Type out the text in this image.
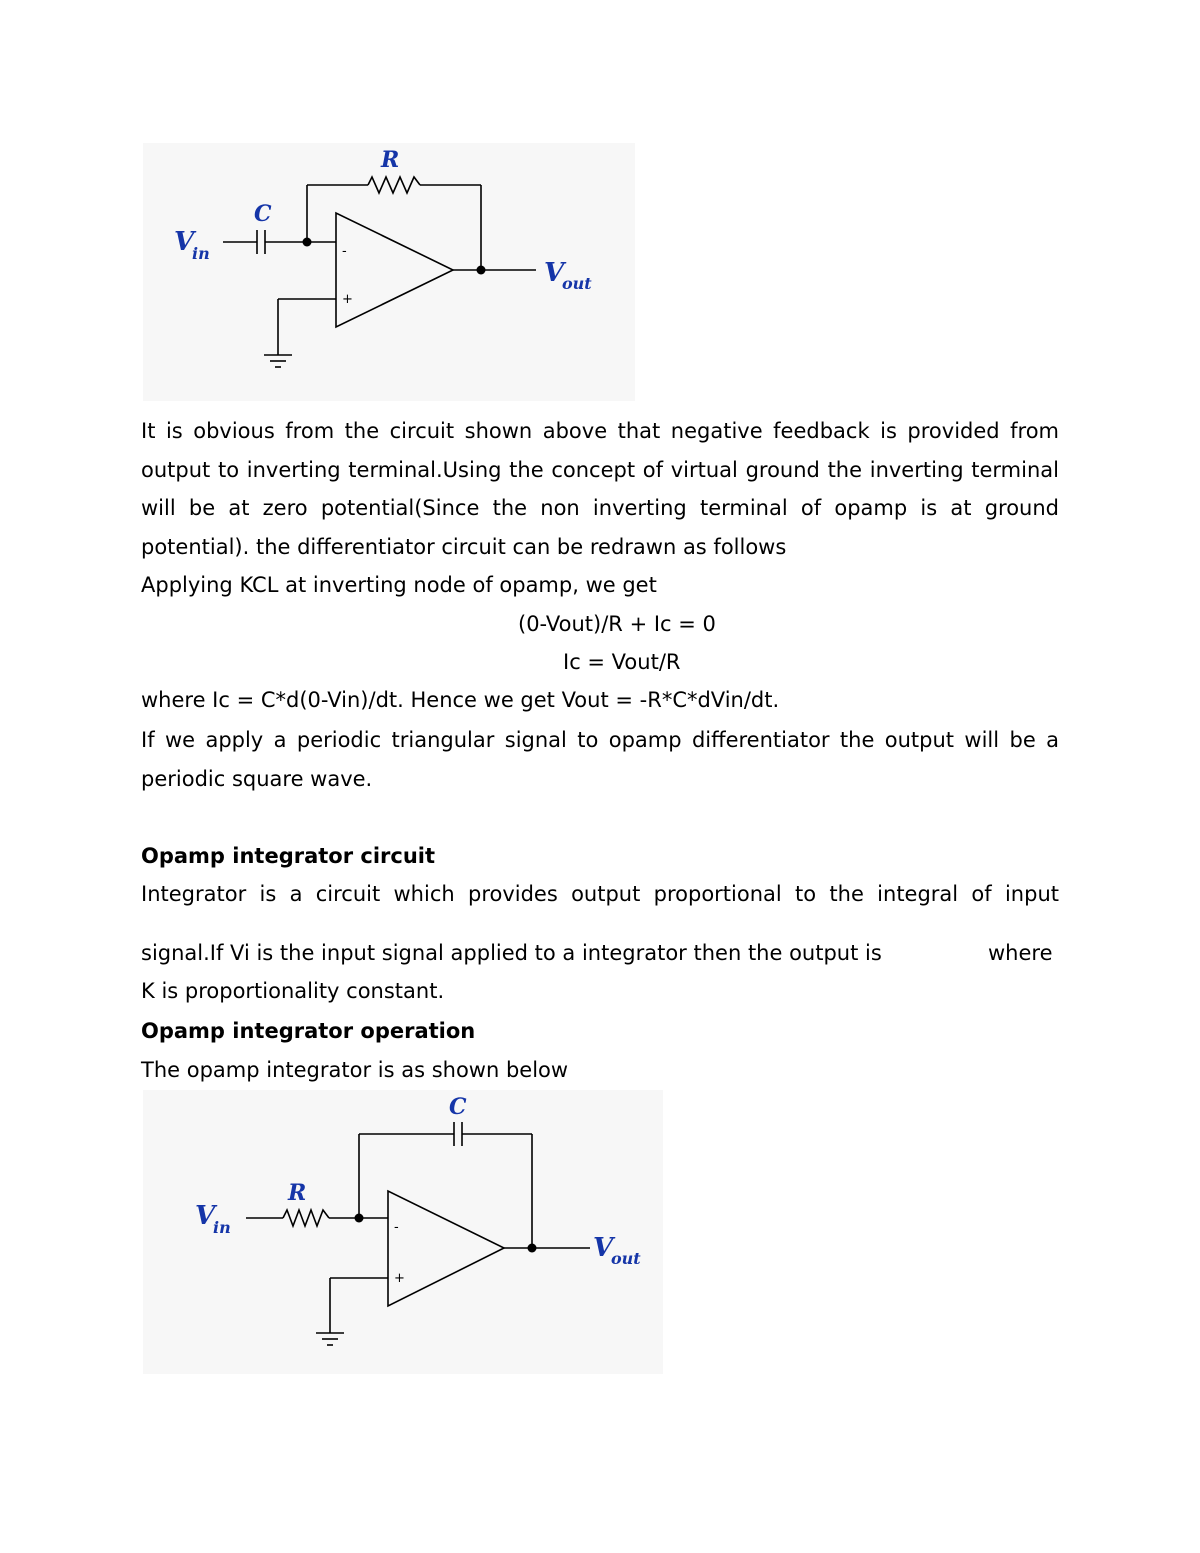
R
C
V
in
V
out
-
+

It is obvious from the circuit shown above that negative feedback is provided from output to inverting terminal.Using the concept of virtual ground the inverting terminal will be at zero potential(Since the non inverting terminal of opamp is at ground potential). the differentiator circuit can be redrawn as follows

Applying KCL at inverting node of opamp, we get
(0-Vout)/R + Ic = 0
Ic = Vout/R
where Ic = C*d(0-Vin)/dt. Hence we get Vout = -R*C*dVin/dt.

If we apply a periodic triangular signal to opamp differentiator the output will be a periodic square wave.

Opamp integrator circuit
Integrator is a circuit which provides output proportional to the integral of input
signal.If Vi is the input signal applied to a integrator then the output is	where
K is proportionality constant.
Opamp integrator operation
The opamp integrator is as shown below
C
R
V
in
V
out
-
+
